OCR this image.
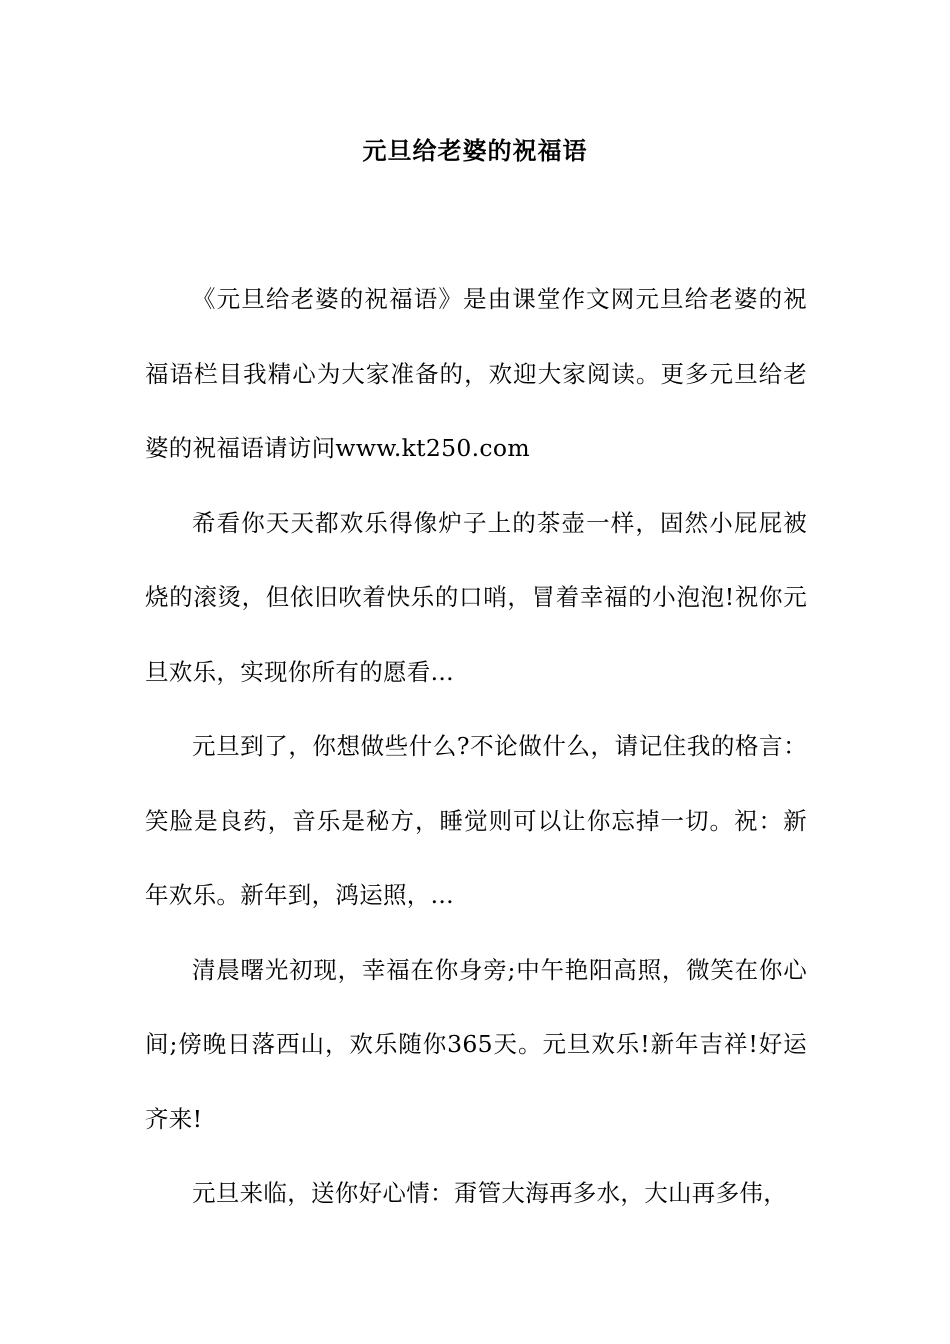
元旦给老婆的祝福语

《元旦给老婆的祝福语》是由课堂作文网元旦给老婆的祝福语栏目我精心为大家准备的，欢迎大家阅读。更多元旦给老婆的祝福语请访问www.kt250.com

希看你天天都欢乐得像炉子上的茶壶一样，固然小屁屁被烧的滚烫，但依旧吹着快乐的口哨，冒着幸福的小泡泡!祝你元旦欢乐，实现你所有的愿看...

元旦到了，你想做些什么?不论做什么，请记住我的格言：笑脸是良药，音乐是秘方，睡觉则可以让你忘掉一切。祝：新年欢乐。新年到，鸿运照，...

清晨曙光初现，幸福在你身旁;中午艳阳高照，微笑在你心间;傍晚日落西山，欢乐随你365天。元旦欢乐!新年吉祥!好运齐来!

元旦来临，送你好心情：甭管大海再多水，大山再多伟，
